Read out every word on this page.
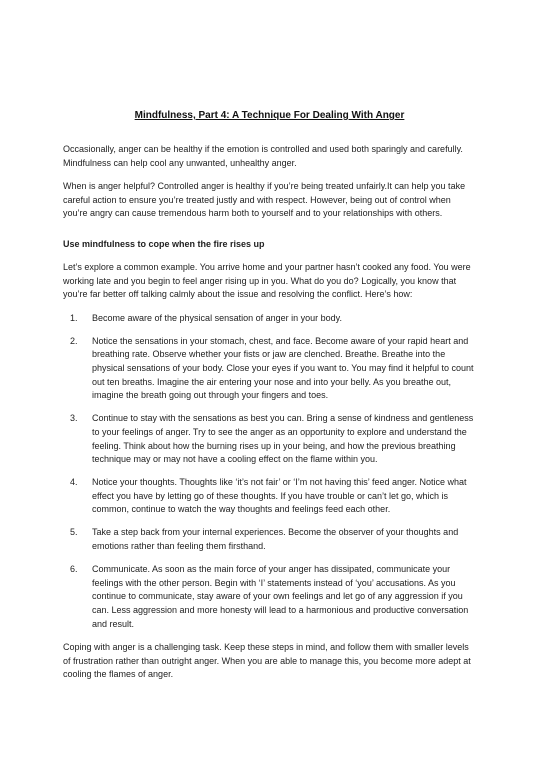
Mindfulness, Part 4: A Technique For Dealing With Anger

Occasionally, anger can be healthy if the emotion is controlled and used both sparingly and carefully. Mindfulness can help cool any unwanted, unhealthy anger.

When is anger helpful? Controlled anger is healthy if you’re being treated unfairly.It can help you take careful action to ensure you’re treated justly and with respect. However, being out of control when you’re angry can cause tremendous harm both to yourself and to your relationships with others.

Use mindfulness to cope when the fire rises up

Let’s explore a common example. You arrive home and your partner hasn’t cooked any food. You were working late and you begin to feel anger rising up in you. What do you do? Logically, you know that you’re far better off talking calmly about the issue and resolving the conflict. Here’s how:

1.	Become aware of the physical sensation of anger in your body.
2.	Notice the sensations in your stomach, chest, and face. Become aware of your rapid heart and breathing rate. Observe whether your fists or jaw are clenched. Breathe. Breathe into the physical sensations of your body. Close your eyes if you want to. You may find it helpful to count out ten breaths. Imagine the air entering your nose and into your belly. As you breathe out, imagine the breath going out through your fingers and toes.
3.	Continue to stay with the sensations as best you can. Bring a sense of kindness and gentleness to your feelings of anger. Try to see the anger as an opportunity to explore and understand the feeling. Think about how the burning rises up in your being, and how the previous breathing technique may or may not have a cooling effect on the flame within you.
4.	Notice your thoughts. Thoughts like ‘it’s not fair’ or ‘I’m not having this’ feed anger. Notice what effect you have by letting go of these thoughts. If you have trouble or can’t let go, which is common, continue to watch the way thoughts and feelings feed each other.
5.	Take a step back from your internal experiences. Become the observer of your thoughts and emotions rather than feeling them firsthand.
6.	Communicate. As soon as the main force of your anger has dissipated, communicate your feelings with the other person. Begin with ‘I’ statements instead of ‘you’ accusations. As you continue to communicate, stay aware of your own feelings and let go of any aggression if you can. Less aggression and more honesty will lead to a harmonious and productive conversation and result.

Coping with anger is a challenging task. Keep these steps in mind, and follow them with smaller levels of frustration rather than outright anger. When you are able to manage this, you become more adept at cooling the flames of anger.
